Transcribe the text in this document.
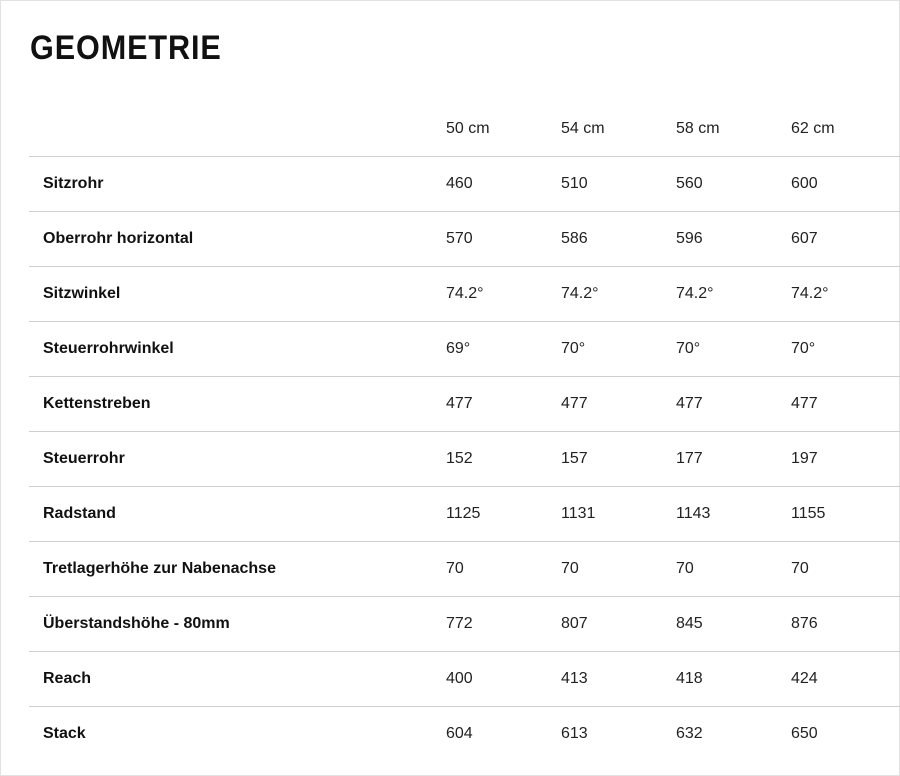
GEOMETRIE
	50 cm	54 cm	58 cm	62 cm
Sitzrohr	460	510	560	600
Oberrohr horizontal	570	586	596	607
Sitzwinkel	74.2°	74.2°	74.2°	74.2°
Steuerrohrwinkel	69°	70°	70°	70°
Kettenstreben	477	477	477	477
Steuerrohr	152	157	177	197
Radstand	1125	1131	1143	1155
Tretlagerhöhe zur Nabenachse	70	70	70	70
Überstandshöhe - 80mm	772	807	845	876
Reach	400	413	418	424
Stack	604	613	632	650
